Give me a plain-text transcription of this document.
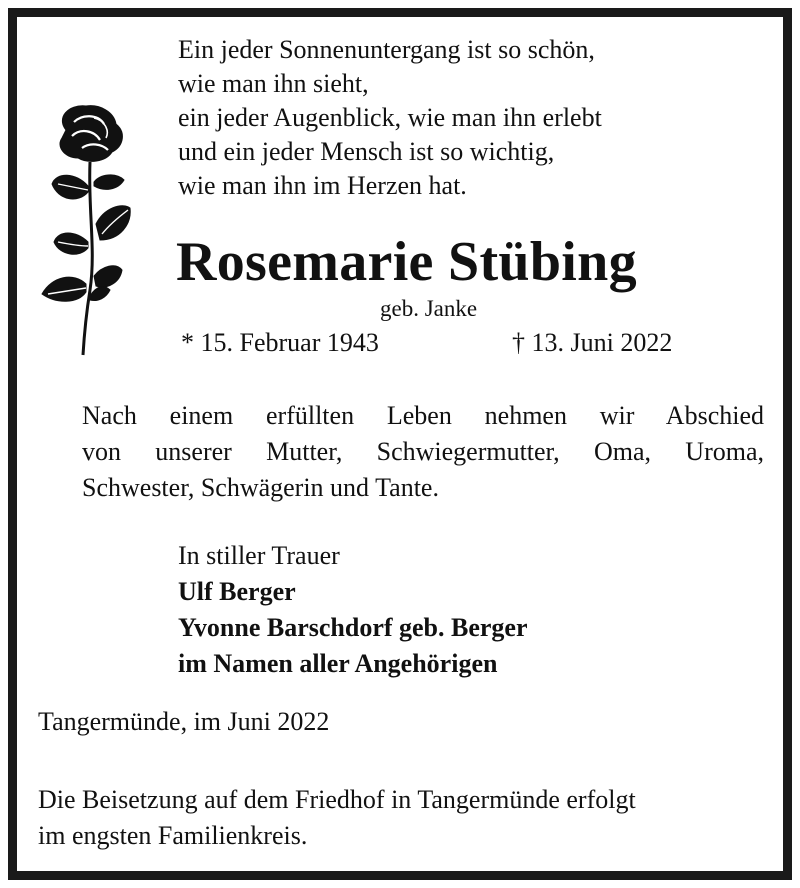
Ein jeder Sonnenuntergang ist so schön,
wie man ihn sieht,
ein jeder Augenblick, wie man ihn erlebt
und ein jeder Mensch ist so wichtig,
wie man ihn im Herzen hat.
Rosemarie Stübing
geb. Janke
* 15. Februar 1943	† 13. Juni 2022
Nach einem erfüllten Leben nehmen wir Abschied
von unserer Mutter, Schwiegermutter, Oma, Uroma,
Schwester, Schwägerin und Tante.
In stiller Trauer
Ulf Berger
Yvonne Barschdorf geb. Berger
im Namen aller Angehörigen
Tangermünde, im Juni 2022
Die Beisetzung auf dem Friedhof in Tangermünde erfolgt
im engsten Familienkreis.
